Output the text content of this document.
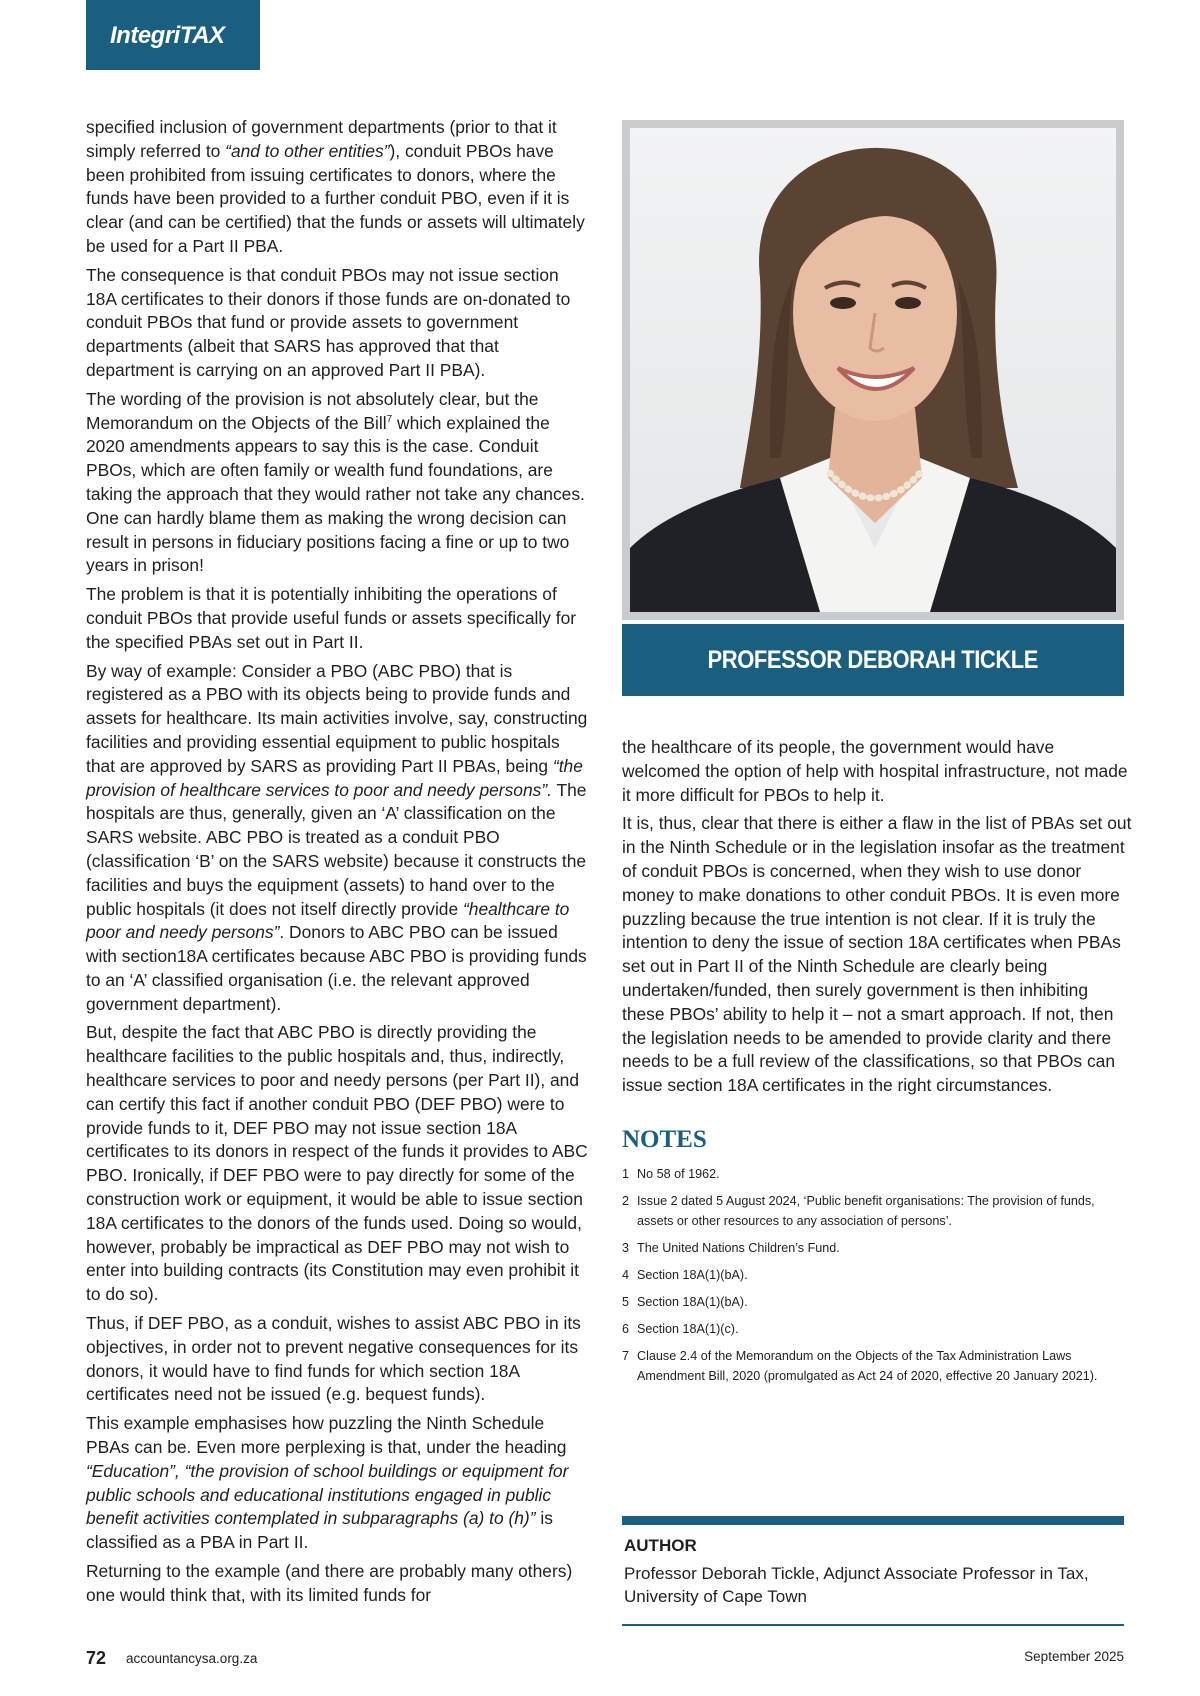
IntegriTAX

specified inclusion of government departments (prior to that it simply referred to “and to other entities”), conduit PBOs have been prohibited from issuing certificates to donors, where the funds have been provided to a further conduit PBO, even if it is clear (and can be certified) that the funds or assets will ultimately be used for a Part II PBA.

The consequence is that conduit PBOs may not issue section 18A certificates to their donors if those funds are on-donated to conduit PBOs that fund or provide assets to government departments (albeit that SARS has approved that that department is carrying on an approved Part II PBA).

The wording of the provision is not absolutely clear, but the Memorandum on the Objects of the Bill$^7$ which explained the 2020 amendments appears to say this is the case. Conduit PBOs, which are often family or wealth fund foundations, are taking the approach that they would rather not take any chances. One can hardly blame them as making the wrong decision can result in persons in fiduciary positions facing a fine or up to two years in prison!

The problem is that it is potentially inhibiting the operations of conduit PBOs that provide useful funds or assets specifically for the specified PBAs set out in Part II.

By way of example: Consider a PBO (ABC PBO) that is registered as a PBO with its objects being to provide funds and assets for healthcare. Its main activities involve, say, constructing facilities and providing essential equipment to public hospitals that are approved by SARS as providing Part II PBAs, being “the provision of healthcare services to poor and needy persons”. The hospitals are thus, generally, given an ‘A’ classification on the SARS website. ABC PBO is treated as a conduit PBO (classification ‘B’ on the SARS website) because it constructs the facilities and buys the equipment (assets) to hand over to the public hospitals (it does not itself directly provide “healthcare to poor and needy persons”. Donors to ABC PBO can be issued with section18A certificates because ABC PBO is providing funds to an ‘A’ classified organisation (i.e. the relevant approved government department).

But, despite the fact that ABC PBO is directly providing the healthcare facilities to the public hospitals and, thus, indirectly, healthcare services to poor and needy persons (per Part II), and can certify this fact if another conduit PBO (DEF PBO) were to provide funds to it, DEF PBO may not issue section 18A certificates to its donors in respect of the funds it provides to ABC PBO. Ironically, if DEF PBO were to pay directly for some of the construction work or equipment, it would be able to issue section 18A certificates to the donors of the funds used. Doing so would, however, probably be impractical as DEF PBO may not wish to enter into building contracts (its Constitution may even prohibit it to do so).

Thus, if DEF PBO, as a conduit, wishes to assist ABC PBO in its objectives, in order not to prevent negative consequences for its donors, it would have to find funds for which section 18A certificates need not be issued (e.g. bequest funds).

This example emphasises how puzzling the Ninth Schedule PBAs can be. Even more perplexing is that, under the heading “Education”, “the provision of school buildings or equipment for public schools and educational institutions engaged in public benefit activities contemplated in subparagraphs (a) to (h)” is classified as a PBA in Part II.

Returning to the example (and there are probably many others) one would think that, with its limited funds for

PROFESSOR DEBORAH TICKLE

the healthcare of its people, the government would have welcomed the option of help with hospital infrastructure, not made it more difficult for PBOs to help it.

It is, thus, clear that there is either a flaw in the list of PBAs set out in the Ninth Schedule or in the legislation insofar as the treatment of conduit PBOs is concerned, when they wish to use donor money to make donations to other conduit PBOs. It is even more puzzling because the true intention is not clear. If it is truly the intention to deny the issue of section 18A certificates when PBAs set out in Part II of the Ninth Schedule are clearly being undertaken/funded, then surely government is then inhibiting these PBOs’ ability to help it – not a smart approach. If not, then the legislation needs to be amended to provide clarity and there needs to be a full review of the classifications, so that PBOs can issue section 18A certificates in the right circumstances.

NOTES
1 No 58 of 1962.
2 Issue 2 dated 5 August 2024, ‘Public benefit organisations: The provision of funds, assets or other resources to any association of persons’.
3 The United Nations Children’s Fund.
4 Section 18A(1)(bA).
5 Section 18A(1)(bA).
6 Section 18A(1)(c).
7 Clause 2.4 of the Memorandum on the Objects of the Tax Administration Laws Amendment Bill, 2020 (promulgated as Act 24 of 2020, effective 20 January 2021).
AUTHOR
Professor Deborah Tickle, Adjunct Associate Professor in Tax, University of Cape Town
72 accountancysa.org.za	September 2025
